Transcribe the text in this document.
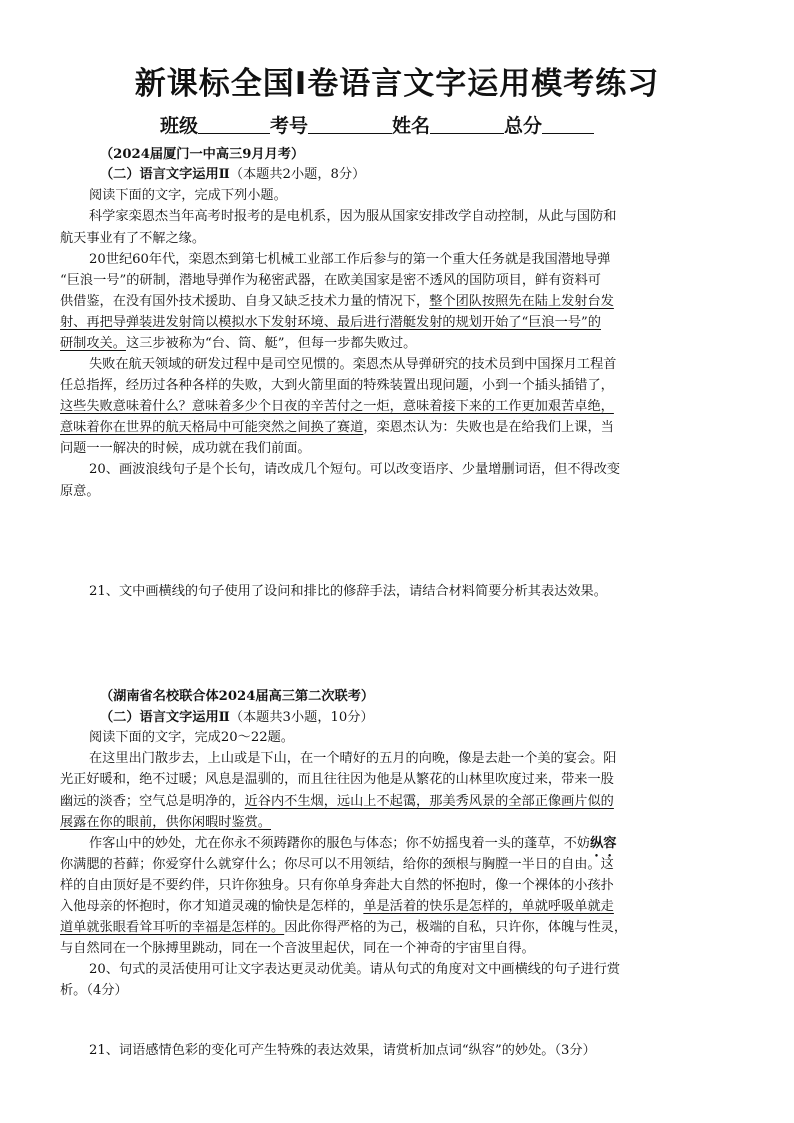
新课标全国Ⅰ卷语言文字运用模考练习
班级	考号	姓名	总分
（2024届厦门一中高三9月月考）
（二）语言文字运用Ⅱ（本题共2小题，8分）
阅读下面的文字，完成下列小题。
科学家栾恩杰当年高考时报考的是电机系，因为服从国家安排改学自动控制，从此与国防和
航天事业有了不解之缘。
20世纪60年代，栾恩杰到第七机械工业部工作后参与的第一个重大任务就是我国潜地导弹
“巨浪一号”的研制，潜地导弹作为秘密武器，在欧美国家是密不透风的国防项目，鲜有资料可
供借鉴，在没有国外技术援助、自身又缺乏技术力量的情况下，整个团队按照先在陆上发射台发
射、再把导弹装进发射筒以模拟水下发射环境、最后进行潜艇发射的规划开始了“巨浪一号”的
研制攻关。这三步被称为“台、筒、艇”，但每一步都失败过。
失败在航天领域的研发过程中是司空见惯的。栾恩杰从导弹研究的技术员到中国探月工程首
任总指挥，经历过各种各样的失败，大到火箭里面的特殊装置出现问题，小到一个插头插错了，
这些失败意味着什么？意味着多少个日夜的辛苦付之一炬，意味着接下来的工作更加艰苦卓绝，
意味着你在世界的航天格局中可能突然之间换了赛道，栾恩杰认为：失败也是在给我们上课，当
问题一一解决的时候，成功就在我们前面。
20、画波浪线句子是个长句，请改成几个短句。可以改变语序、少量增删词语，但不得改变
原意。
21、文中画横线的句子使用了设问和排比的修辞手法，请结合材料简要分析其表达效果。
（湖南省名校联合体2024届高三第二次联考）
（二）语言文字运用Ⅱ（本题共3小题，10分）
阅读下面的文字，完成20～22题。
在这里出门散步去，上山或是下山，在一个晴好的五月的向晚，像是去赴一个美的宴会。阳
光正好暖和，绝不过暖；风息是温驯的，而且往往因为他是从繁花的山林里吹度过来，带来一股
幽远的淡香；空气总是明净的，近谷内不生烟，远山上不起霭，那美秀风景的全部正像画片似的
展露在你的眼前，供你闲暇时鉴赏。
作客山中的妙处，尤在你永不须踌躇你的服色与体态；你不妨摇曳着一头的蓬草，不妨纵容
你满腮的苔藓；你爱穿什么就穿什么；你尽可以不用领结，给你的颈根与胸膛一半日的自由。这
样的自由顶好是不要约伴，只许你独身。只有你单身奔赴大自然的怀抱时，像一个裸体的小孩扑
入他母亲的怀抱时，你才知道灵魂的愉快是怎样的，单是活着的快乐是怎样的，单就呼吸单就走
道单就张眼看耸耳听的幸福是怎样的。因此你得严格的为己，极端的自私，只许你，体魄与性灵，
与自然同在一个脉搏里跳动，同在一个音波里起伏，同在一个神奇的宇宙里自得。
20、句式的灵活使用可让文字表达更灵动优美。请从句式的角度对文中画横线的句子进行赏
析。（4分）
21、词语感情色彩的变化可产生特殊的表达效果，请赏析加点词“纵容”的妙处。（3分）
